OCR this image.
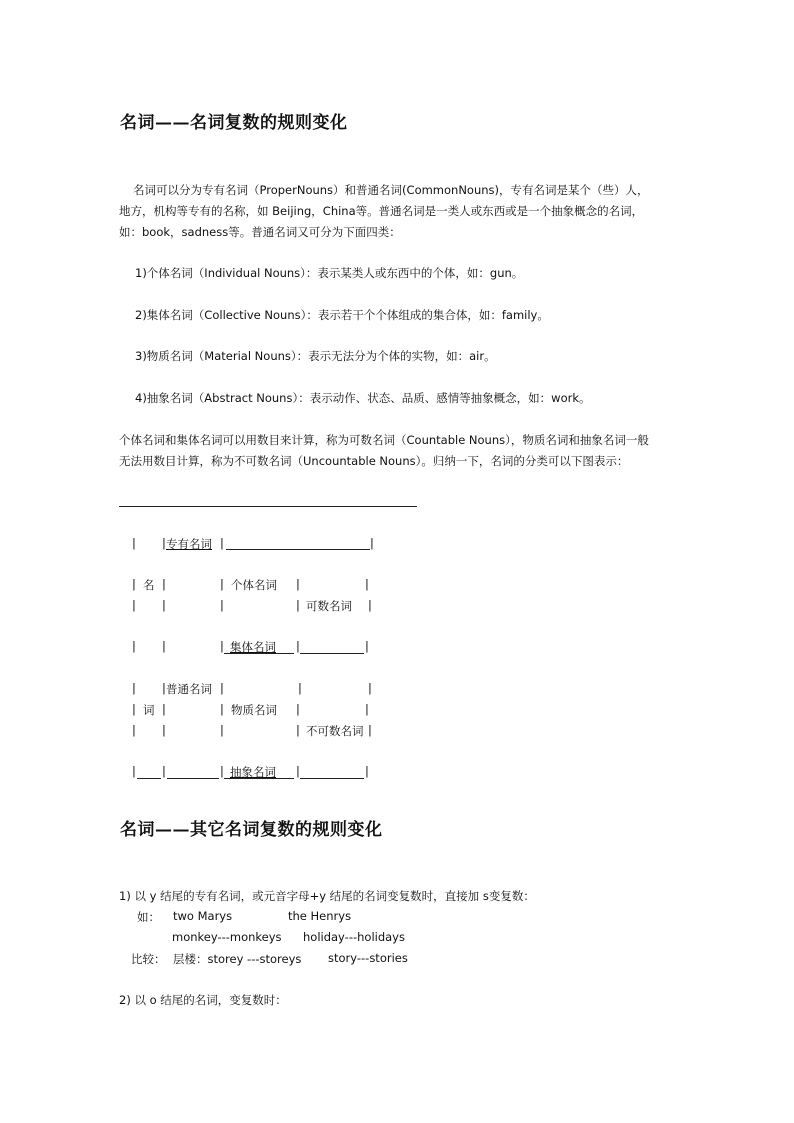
名词——名词复数的规则变化
名词可以分为专有名词（ProperNouns）和普通名词(CommonNouns)，专有名词是某个（些）人，
地方，机构等专有的名称，如 Beijing，China等。普通名词是一类人或东西或是一个抽象概念的名词，
如：book，sadness等。普通名词又可分为下面四类：
1)个体名词（Individual Nouns）：表示某类人或东西中的个体，如：gun。
2)集体名词（Collective Nouns）：表示若干个个体组成的集合体，如：family。
3)物质名词（Material Nouns）：表示无法分为个体的实物，如：air。
4)抽象名词（Abstract Nouns）：表示动作、状态、品质、感情等抽象概念，如：work。
个体名词和集体名词可以用数目来计算，称为可数名词（Countable Nouns），物质名词和抽象名词一般
无法用数目计算，称为不可数名词（Uncountable Nouns）。归纳一下，名词的分类可以下图表示：
| | 专有名词 |	|
| 名 |	| 个体名词 |	|
| |	|	| 可数名词 |
| |	| 集体名词 |	|
| | 普通名词 |	|	|
| 词 |	| 物质名词 |	|
| |	|	| 不可数名词 |
| |	| 抽象名词 |	|
名词——其它名词复数的规则变化
1) 以 y 结尾的专有名词，或元音字母+y 结尾的名词变复数时，直接加 s变复数：
如： two Marys	the Henrys
monkey---monkeys holiday---holidays
比较： 层楼：storey ---storeys story---stories
2) 以 o 结尾的名词，变复数时：
